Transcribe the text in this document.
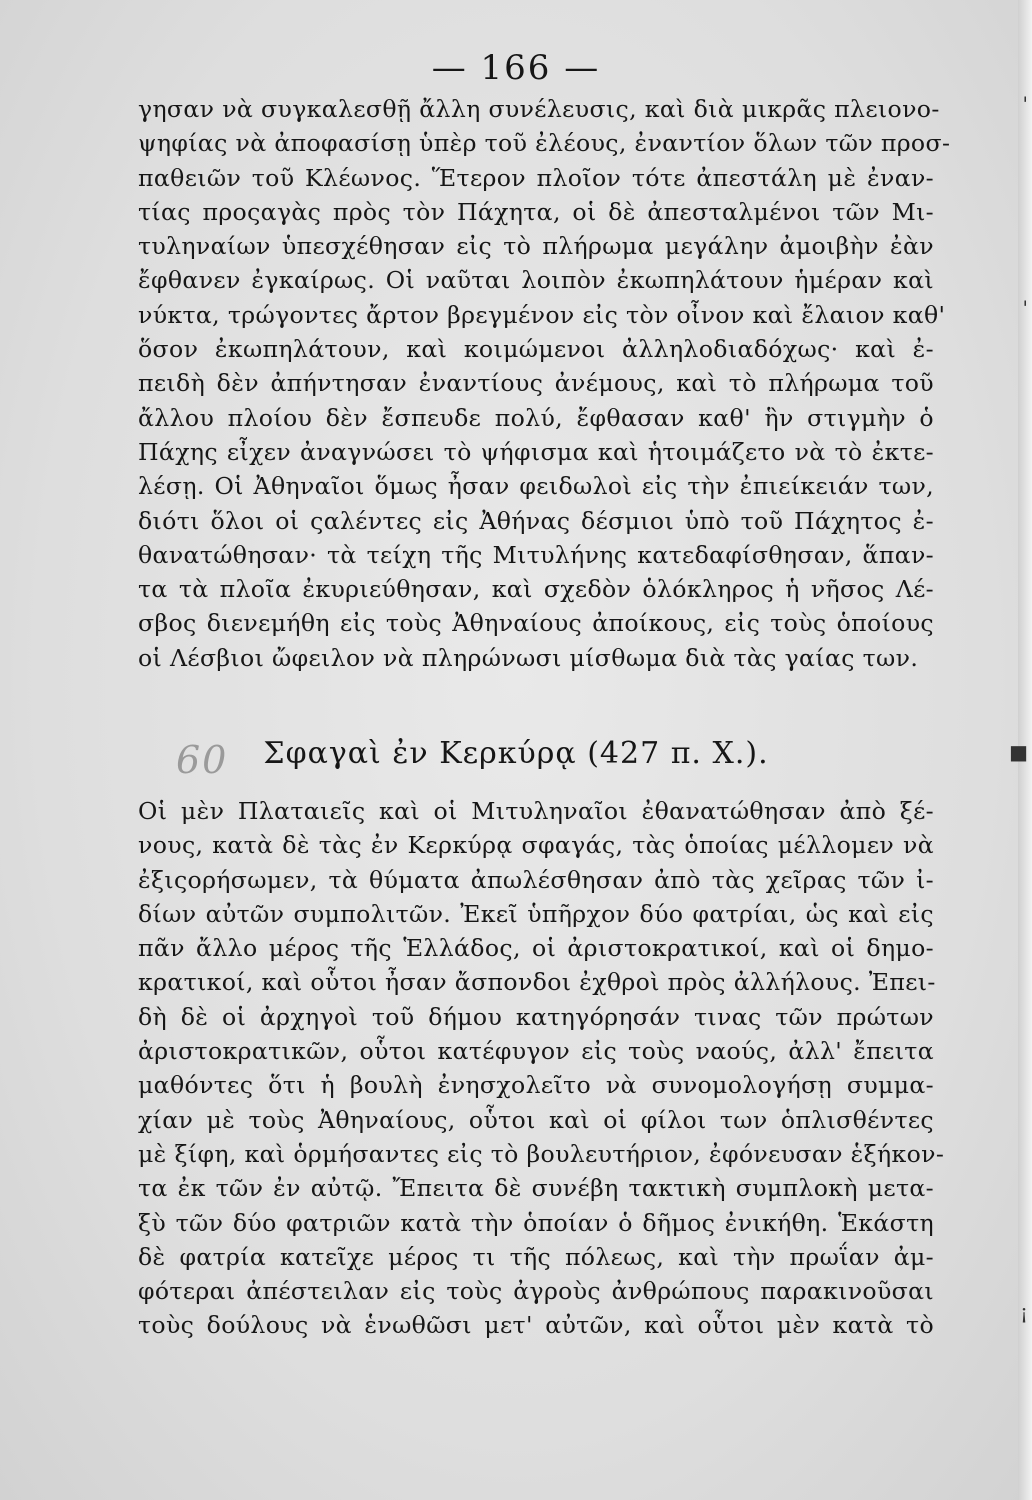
— 166 —
γησαν νὰ συγκαλεσθῇ ἄλλη συνέλευσις, καὶ διὰ μικρᾶς πλειονο-
ψηφίας νὰ ἀποφασίσῃ ὑπὲρ τοῦ ἐλέους, ἐναντίον ὅλων τῶν προσ-
παθειῶν τοῦ Κλέωνος. Ἕτερον πλοῖον τότε ἀπεστάλη μὲ ἐναν-
τίας προςαγὰς πρὸς τὸν Πάχητα, οἱ δὲ ἀπεσταλμένοι τῶν Μι-
τυληναίων ὑπεσχέθησαν εἰς τὸ πλήρωμα μεγάλην ἀμοιβὴν ἐὰν
ἔφθανεν ἐγκαίρως. Οἱ ναῦται λοιπὸν ἐκωπηλάτουν ἡμέραν καὶ
νύκτα, τρώγοντες ἄρτον βρεγμένον εἰς τὸν οἶνον καὶ ἔλαιον καθ'
ὅσον ἐκωπηλάτουν, καὶ κοιμώμενοι ἀλληλοδιαδόχως· καὶ ἐ-
πειδὴ δὲν ἀπήντησαν ἐναντίους ἀνέμους, καὶ τὸ πλήρωμα τοῦ
ἄλλου πλοίου δὲν ἔσπευδε πολύ, ἔφθασαν καθ' ἣν στιγμὴν ὁ
Πάχης εἶχεν ἀναγνώσει τὸ ψήφισμα καὶ ἡτοιμάζετο νὰ τὸ ἐκτε-
λέσῃ. Οἱ Ἀθηναῖοι ὅμως ἦσαν φειδωλοὶ εἰς τὴν ἐπιείκειάν των,
διότι ὅλοι οἱ ςαλέντες εἰς Ἀθήνας δέσμιοι ὑπὸ τοῦ Πάχητος ἐ-
θανατώθησαν· τὰ τείχη τῆς Μιτυλήνης κατεδαφίσθησαν, ἅπαν-
τα τὰ πλοῖα ἐκυριεύθησαν, καὶ σχεδὸν ὁλόκληρος ἡ νῆσος Λέ-
σβος διενεμήθη εἰς τοὺς Ἀθηναίους ἀποίκους, εἰς τοὺς ὁποίους
οἱ Λέσβιοι ὤφειλον νὰ πληρώνωσι μίσθωμα διὰ τὰς γαίας των.
60	Σφαγαὶ ἐν Κερκύρᾳ (427 π. Χ.).
Οἱ μὲν Πλαταιεῖς καὶ οἱ Μιτυληναῖοι ἐθανατώθησαν ἀπὸ ξέ-
νους, κατὰ δὲ τὰς ἐν Κερκύρᾳ σφαγάς, τὰς ὁποίας μέλλομεν νὰ
ἐξιςορήσωμεν, τὰ θύματα ἀπωλέσθησαν ἀπὸ τὰς χεῖρας τῶν ἰ-
δίων αὐτῶν συμπολιτῶν. Ἐκεῖ ὑπῆρχον δύο φατρίαι, ὡς καὶ εἰς
πᾶν ἄλλο μέρος τῆς Ἑλλάδος, οἱ ἀριστοκρατικοί, καὶ οἱ δημο-
κρατικοί, καὶ οὗτοι ἦσαν ἄσπονδοι ἐχθροὶ πρὸς ἀλλήλους. Ἐπει-
δὴ δὲ οἱ ἀρχηγοὶ τοῦ δήμου κατηγόρησάν τινας τῶν πρώτων
ἀριστοκρατικῶν, οὗτοι κατέφυγον εἰς τοὺς ναούς, ἀλλ' ἔπειτα
μαθόντες ὅτι ἡ βουλὴ ἐνησχολεῖτο νὰ συνομολογήσῃ συμμα-
χίαν μὲ τοὺς Ἀθηναίους, οὗτοι καὶ οἱ φίλοι των ὁπλισθέντες
μὲ ξίφη, καὶ ὁρμήσαντες εἰς τὸ βουλευτήριον, ἐφόνευσαν ἑξήκον-
τα ἐκ τῶν ἐν αὐτῷ. Ἔπειτα δὲ συνέβη τακτικὴ συμπλοκὴ μετα-
ξὺ τῶν δύο φατριῶν κατὰ τὴν ὁποίαν ὁ δῆμος ἐνικήθη. Ἑκάστη
δὲ φατρία κατεῖχε μέρος τι τῆς πόλεως, καὶ τὴν πρωΐαν ἀμ-
φότεραι ἀπέστειλαν εἰς τοὺς ἀγροὺς ἀνθρώπους παρακινοῦσαι
τοὺς δούλους νὰ ἑνωθῶσι μετ' αὐτῶν, καὶ οὗτοι μὲν κατὰ τὸ
'
'
■
¡
